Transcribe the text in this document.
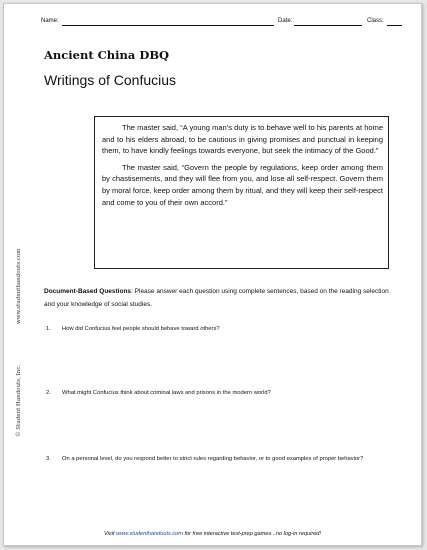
Name:	Date:	Class:
Ancient China DBQ
Writings of Confucius

The master said, “A young man’s duty is to behave well to his parents at home and to his elders abroad, to be cautious in giving promises and punctual in keeping them, to have kindly feelings towards everyone, but seek the intimacy of the Good.”

The master said, “Govern the people by regulations, keep order among them by chastisements, and they will flee from you, and lose all self-respect. Govern them by moral force, keep order among them by ritual, and they will keep their self-respect and come to you of their own accord.”

www.studenthandouts.com
© Student Handouts, Inc.
Document-Based Questions: Please answer each question using complete sentences, based on the reading selection and your knowledge of social studies.
1. How did Confucius feel people should behave toward others?
2. What might Confucius think about criminal laws and prisons in the modern world?
3. On a personal level, do you respond better to strict rules regarding behavior, or to good examples of proper behavior?
Visit www.studenthandouts.com for free interactive test-prep games...no log-in required!
